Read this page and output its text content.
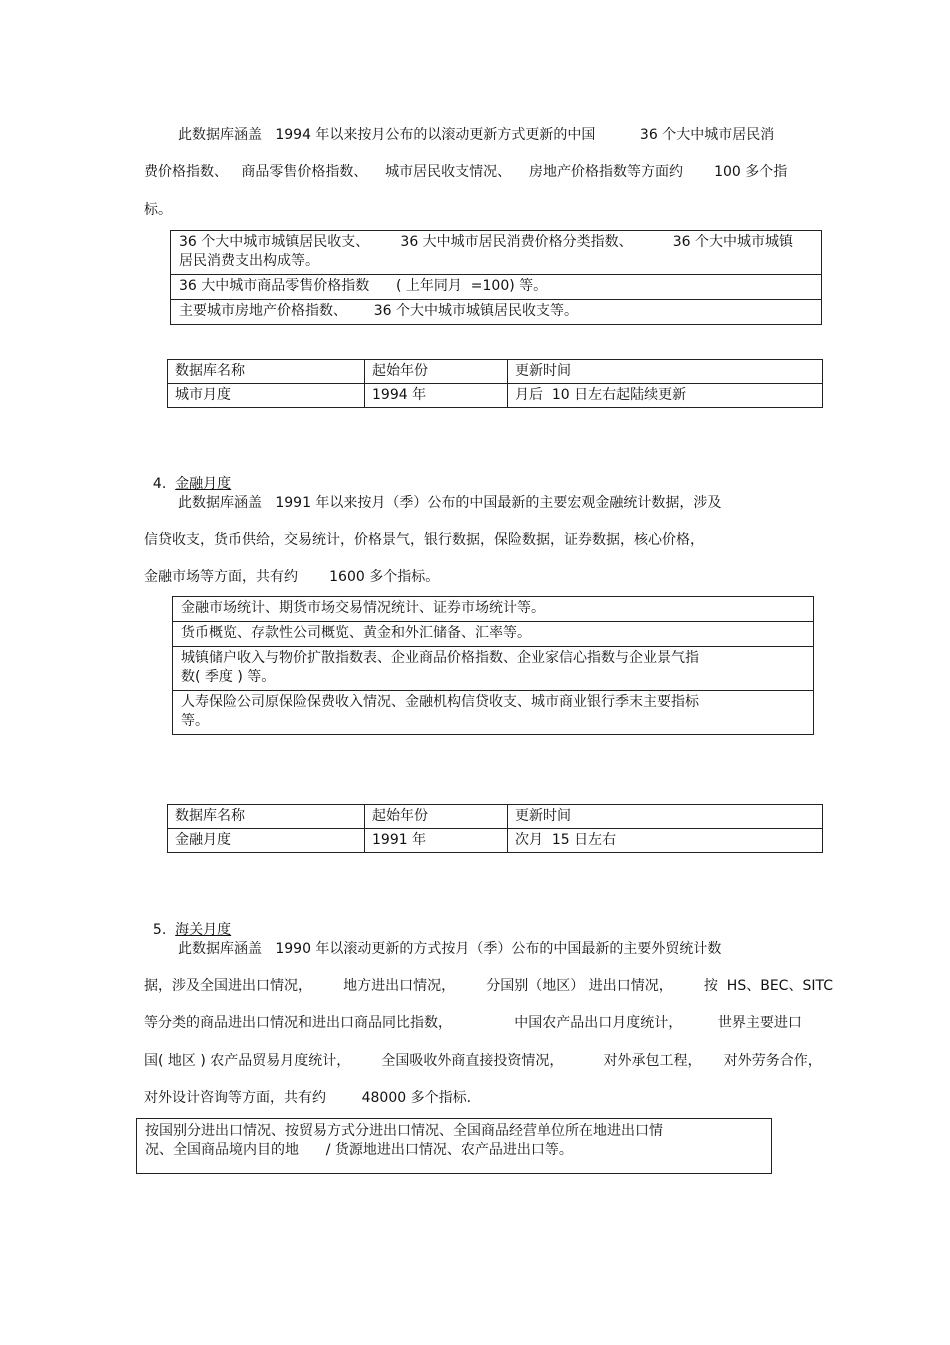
此数据库涵盖   1994 年以来按月公布的以滚动更新方式更新的中国          36 个大中城市居民消
费价格指数、   商品零售价格指数、    城市居民收支情况、    房地产价格指数等方面约       100 多个指
标。
36 个大中城市城镇居民收支、       36 大中城市居民消费价格分类指数、         36 个大中城市城镇
居民消费支出构成等。
36 大中城市商品零售价格指数      ( 上年同月  =100) 等。
主要城市房地产价格指数、      36 个大中城市城镇居民收支等。
数据库名称	起始年份	更新时间
城市月度	1994 年	月后  10 日左右起陆续更新

4. 金融月度

此数据库涵盖   1991 年以来按月（季）公布的中国最新的主要宏观金融统计数据，涉及
信贷收支，货币供给，交易统计，价格景气，银行数据，保险数据，证券数据，核心价格，
金融市场等方面，共有约       1600 多个指标。
金融市场统计、期货市场交易情况统计、证券市场统计等。
货币概览、存款性公司概览、黄金和外汇储备、汇率等。
城镇储户收入与物价扩散指数表、企业商品价格指数、企业家信心指数与企业景气指
数( 季度 ) 等。
人寿保险公司原保险保费收入情况、金融机构信贷收支、城市商业银行季末主要指标
等。
数据库名称	起始年份	更新时间
金融月度	1991 年	次月  15 日左右

5. 海关月度

此数据库涵盖   1990 年以滚动更新的方式按月（季）公布的中国最新的主要外贸统计数
据，涉及全国进出口情况，       地方进出口情况，       分国别（地区） 进出口情况，       按  HS、BEC、SITC
等分类的商品进出口情况和进出口商品同比指数，              中国农产品出口月度统计，        世界主要进口
国( 地区 ) 农产品贸易月度统计，       全国吸收外商直接投资情况，         对外承包工程，     对外劳务合作，
对外设计咨询等方面，共有约        48000 多个指标.
按国别分进出口情况、按贸易方式分进出口情况、全国商品经营单位所在地进出口情
况、全国商品境内目的地      / 货源地进出口情况、农产品进出口等。
